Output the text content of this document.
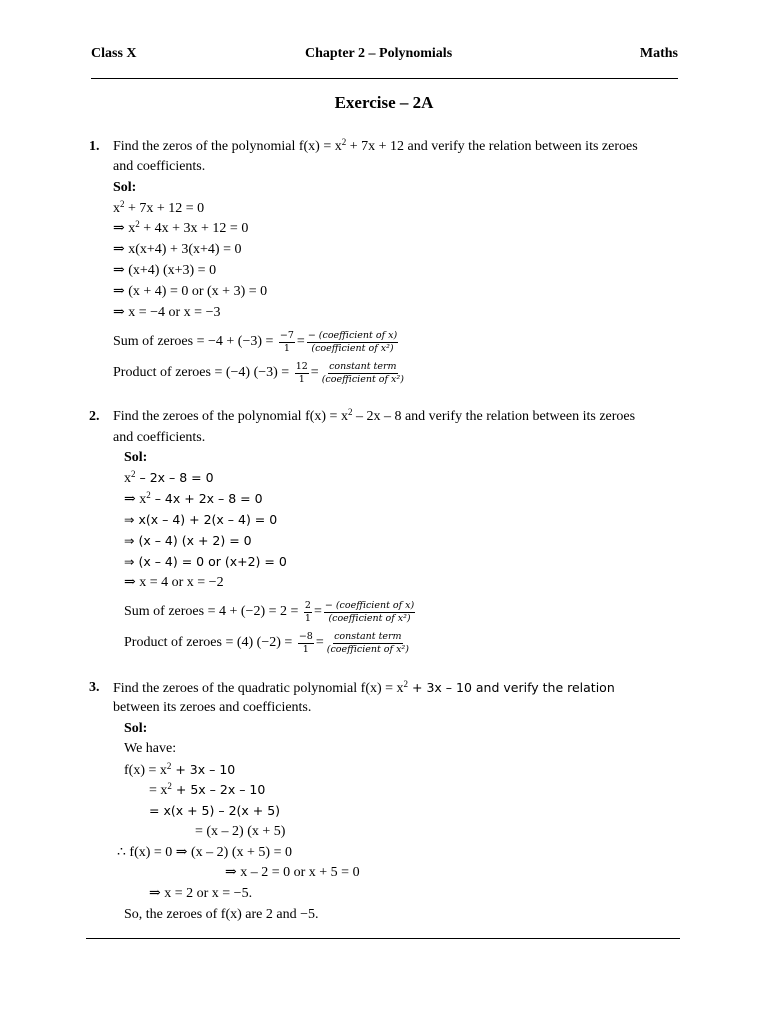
Class X	Chapter 2 – Polynomials	Maths
Exercise – 2A
1. Find the zeros of the polynomial $f(x) = x^2 + 7x + 12$ and verify the relation between its zeroes
and coefficients.
Sol:
$x^2 + 7x + 12 = 0$
⇒ $x^2 + 4x + 3x + 12 = 0$
⇒ x(x+4) + 3(x+4) = 0
⇒ (x+4) (x+3) = 0
⇒ (x + 4) = 0 or (x + 3) = 0
⇒ x = −4 or x = −3
Sum of zeroes = $-4 + (-3) = \frac{-7}{1} = \frac{\text{− (coefficient of x)}}{\text{(coefficient of x²)}}$
Product of zeroes = (−4) $(-3) = \frac{12}{1} = \frac{\text{constant term}}{\text{(coefficient of x²)}}$
2. Find the zeroes of the polynomial $f(x) = x^2 - 2x - 8$ and verify the relation between its zeroes
and coefficients.
Sol:
$x^2 - 2x - 8 = 0$
⇒ $x^2 - 4x + 2x - 8 = 0$
⇒ x(x – 4) + 2(x – 4) = 0
⇒ (x – 4) (x + 2) = 0
⇒ (x – 4) = 0 or (x+2) = 0
⇒ x = 4 or x = −2
Sum of zeroes = $4 + (-2) = 2 = \frac{2}{1} = \frac{\text{− (coefficient of x)}}{\text{(coefficient of x²)}}$
Product of zeroes = (4) $(-2) = \frac{-8}{1} = \frac{\text{constant term}}{\text{(coefficient of x²)}}$
3. Find the zeroes of the quadratic polynomial $f(x) = x^2 + 3x - 10$ and verify the relation
between its zeroes and coefficients.
Sol:
We have:
$f(x) = x^2 + 3x - 10$
= $x^2 + 5x - 2x - 10$
= x(x + 5) – 2(x + 5)
= (x – 2) (x + 5)
∴ f(x) = 0 ⇒ (x – 2) (x + 5) = 0
⇒ x – 2 = 0 or x + 5 = 0
⇒ x = 2 or x = −5.
So, the zeroes of f(x) are 2 and −5.
